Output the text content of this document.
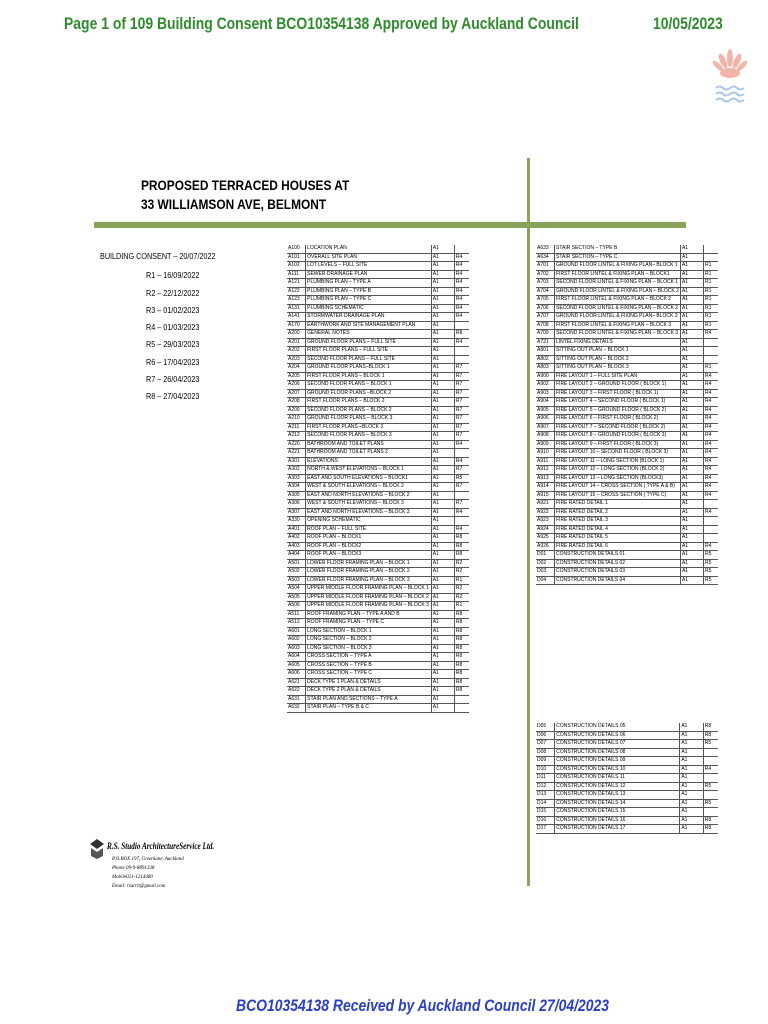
Page 1 of 109 Building Consent BCO10354138 Approved by Auckland Council	10/05/2023
PROPOSED TERRACED HOUSES AT
33 WILLIAMSON AVE, BELMONT
BUILDING CONSENT – 20/07/2022
R1 – 16/09/2022
R2 – 22/12/2022
R3 – 01/02/2023
R4 – 01/03/2023
R5 – 29/03/2023
R6 – 17/04/2023
R7 – 26/04/2023
R8 – 27/04/2023
A100	LOCATION PLAN	A1	
A101	OVERALL SITE PLAN	A1	R4
A102	LOT LEVELS – FULL SITE	A1	R4
A111	SEWER DRAINAGE PLAN	A1	R4
A121	PLUMBING PLAN – TYPE A	A1	R4
A122	PLUMBING PLAN – TYPE B	A1	R4
A123	PLUMBING PLAN – TYPE C	A1	R4
A131	PLUMBING SCHEMATIC	A1	R4
A141	STORMWATER DRAINAGE PLAN	A1	R4
A170	EARTHWORK AND SITE MANAGEMENT PLAN	A1	
A200	GENERAL NOTES	A1	R8
A201	GROUND FLOOR PLANS – FULL SITE	A1	R4
A202	FIRST FLOOR PLANS – FULL SITE	A1	
A203	SECOND FLOOR PLANS – FULL SITE	A1	
A204	GROUND FLOOR PLANS–BLOCK 1	A1	R7
A205	FIRST FLOOR PLANS – BLOCK 1	A1	R7
A206	SECOND FLOOR PLANS – BLOCK 1	A1	R7
A207	GROUND FLOOR PLANS –BLOCK 2	A1	R7
A208	FIRST FLOOR PLANS – BLOCK 2	A1	R7
A209	SECOND FLOOR PLANS – BLOCK 2	A1	R7
A210	GROUND FLOOR PLANS – BLOCK 3	A1	R7
A211	FIRST FLOOR PLANS –BLOCK 3	A1	R7
A212	SECOND FLOOR PLANS – BLOCK 3	A1	R7
A220	BATHROOM AND TOILET PLANS	A1	R4
A221	BATHROOM AND TOILET PLANS 2	A1	
A301	ELEVATIONS	A1	R4
A302	NORTH & WEST ELEVATIONS – BLOCK 1	A1	R7
A303	EAST AND SOUTH ELEVATIONS – BLOCK1	A1	R5
A304	WEST & SOUTH ELEVATIONS – BLOCK 2	A1	R7
A305	EAST AND NORTH ELEVATIONS – BLOCK 2	A1	
A306	WEST & SOUTH ELEVATIONS – BLOCK 3	A1	R7
A307	EAST AND NORTH ELEVATIONS – BLOCK 3	A1	R4
A330	OPENING SCHEMATIC	A1	
A401	ROOF PLAN – FULL SITE	A1	R4
A402	ROOF PLAN – BLOCK1	A1	R8
A403	ROOF PLAN – BLOCK2	A1	R8
A404	ROOF PLAN – BLOCK3	A1	R8
A501	LOWER FLOOR FRAMING PLAN – BLOCK 1	A1	R2
A502	LOWER FLOOR FRAMING PLAN – BLOCK 2	A1	R2
A503	LOWER FLOOR FRAMING PLAN – BLOCK 3	A1	R1
A504	UPPER MIDDLE FLOOR FRAMING PLAN – BLOCK 1	A1	R2
A505	UPPER MIDDLE FLOOR FRAMING PLAN – BLOCK 2	A1	R2
A506	UPPER MIDDLE FLOOR FRAMING PLAN – BLOCK 3	A1	R1
A511	ROOF FRAMING PLAN – TYPE A AND B	A1	R8
A512	ROOF FRAMING PLAN – TYPE C	A1	R8
A601	LONG SECTION – BLOCK 1	A1	R8
A602	LONG SECTION – BLOCK 2	A1	R8
A603	LONG SECTION – BLOCK 3	A1	R8
A604	CROSS SECTION – TYPE A	A1	R8
A605	CROSS SECTION – TYPE B	A1	R8
A606	CROSS SECTION – TYPE C	A1	R8
A621	DECK TYPE 1 PLAN & DETAILS	A1	R8
A622	DECK TYPE 2 PLAN & DETAILS	A1	R8
A631	STAIR PLAN AND SECTIONS – TYPE A	A1	
A632	STAIR PLAN – TYPE B & C	A1	
A633	STAIR SECTION – TYPE B	A1	
A634	STAIR SECTION – TYPE C	A1	
A701	GROUND FLOOR LINTEL & FIXING PLAN– BLOCK 1	A1	R1
A702	FIRST FLOOR LINTEL & FIXING PLAN – BLOCK1	A1	R1
A703	SECOND FLOOR LINTEL & FIXING PLAN – BLOCK 1	A1	R1
A704	GROUND FLOOR LINTEL & FIXING PLAN – BLOCK 2	A1	R1
A705	FIRST FLOOR LINTEL & FIXING PLAN – BLOCK 2	A1	R1
A706	SECOND FLOOR LINTEL & FIXING PLAN – BLOCK 2	A1	R1
A707	GROUND FLOOR LINTEL & FIXING PLAN– BLOCK 3	A1	R1
A708	FIRST FLOOR LINTEL & FIXING PLAN – BLOCK 3	A1	R1
A709	SECOND FLOOR LINTEL & FIXING PLAN – BLOCK 3	A1	R4
A721	LINTEL FIXING DETAILS	A1	
A801	SITTING OUT PLAN – BLOCK 1	A1	
A802	SITTING OUT PLAN – BLOCK 2	A1	
A803	SITTING OUT PLAN – BLOCK 3	A1	R1
A900	FIRE LAYOUT 1 – FULL SITE PLAN	A1	R4
A902	FIRE LAYOUT 2 – GROUND FLOOR ( BLOCK 1)	A1	R4
A903	FIRE LAYOUT 3 – FIRST FLOOR ( BLOCK 1)	A1	R4
A904	FIRE LAYOUT 4 – SECOND FLOOR ( BLOCK 1)	A1	R4
A905	FIRE LAYOUT 5 – GROUND FLOOR ( BLOCK 2)	A1	R4
A906	FIRE LAYOUT 6 – FIRST FLOOR ( BLOCK 2)	A1	R4
A907	FIRE LAYOUT 7 – SECOND FLOOR ( BLOCK 2)	A1	R4
A908	FIRE LAYOUT 8 – GROUND FLOOR ( BLOCK 3)	A1	R4
A909	FIRE LAYOUT 9 – FIRST FLOOR ( BLOCK 3)	A1	R4
A910	FIRE LAYOUT 10 – SECOND FLOOR ( BLOCK 3)	A1	R4
A911	FIRE LAYOUT 11 – LONG SECTION (BLOCK 1)	A1	R4
A912	FIRE LAYOUT 12 – LONG SECTION (BLOCK 2)	A1	R4
A913	FIRE LAYOUT 13 – LONG SECTION (BLOCK3)	A1	R4
A914	FIRE LAYOUT 14 – CROSS SECTION ( TYPE A & B)	A1	R4
A915	FIRE LAYOUT 15 – CROSS SECTION ( TYPE C)	A1	R4
A921	FIRE RATED DETAIL 1	A1	
A922	FIRE RATED DETAIL 2	A1	R4
A923	FIRE RATED DETAIL 3	A1	
A924	FIRE RATED DETAIL 4	A1	
A925	FIRE RATED DETAIL 5	A1	
A926	FIRE RATED DETAIL 6	A1	R4
D01	CONSTRUCTION DETAILS 01	A1	R5
D02	CONSTRUCTION DETAILS 02	A1	R5
D03	CONSTRUCTION DETAILS 03	A1	R5
D04	CONSTRUCTION DETAILS 04	A1	R5
D05	CONSTRUCTION DETAILS 05	A1	R8
D06	CONSTRUCTION DETAILS 06	A1	R8
D07	CONSTRUCTION DETAILS 07	A1	R5
D08	CONSTRUCTION DETAILS 08	A1	
D09	CONSTRUCTION DETAILS 09	A1	
D10	CONSTRUCTION DETAILS 10	A1	R4
D11	CONSTRUCTION DETAILS 11	A1	
D12	CONSTRUCTION DETAILS 12	A1	R5
D13	CONSTRUCTION DETAILS 13	A1	
D14	CONSTRUCTION DETAILS 14	A1	R5
D15	CONSTRUCTION DETAILS 15	A1	
D16	CONSTRUCTION DETAILS 16	A1	R8
D17	CONSTRUCTION DETAILS 17	A1	R8
R.S. Studio ArchitectureService Ltd.
P.O.BOX 197, Greenlane, Auckland
Phone 09-9-8891338
Mobile021-1214480
Email: rsarch@gmail.com
BCO10354138 Received by Auckland Council 27/04/2023
